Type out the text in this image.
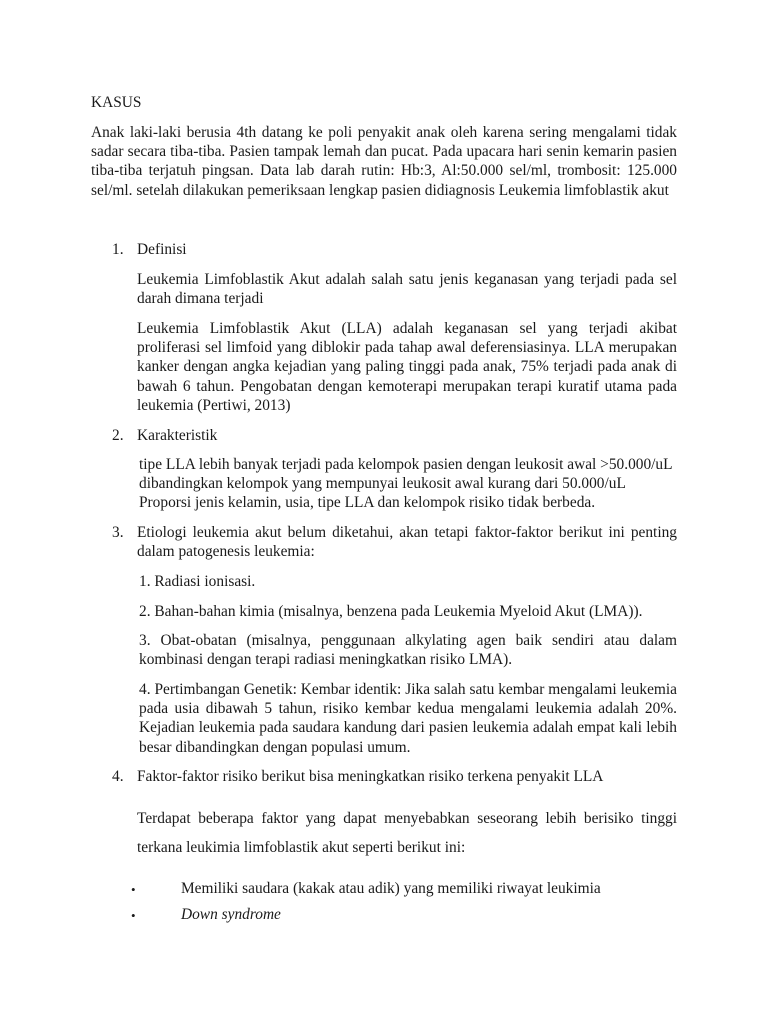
KASUS

Anak laki-laki berusia 4th datang ke poli penyakit anak oleh karena sering mengalami tidak sadar secara tiba-tiba. Pasien tampak lemah dan pucat. Pada upacara hari senin kemarin pasien tiba-tiba terjatuh pingsan. Data lab darah rutin: Hb:3, Al:50.000 sel/ml, trombosit: 125.000 sel/ml. setelah dilakukan pemeriksaan lengkap pasien didiagnosis Leukemia limfoblastik akut

1. Definisi

Leukemia Limfoblastik Akut adalah salah satu jenis keganasan yang terjadi pada sel darah dimana terjadi

Leukemia Limfoblastik Akut (LLA) adalah keganasan sel yang terjadi akibat proliferasi sel limfoid yang diblokir pada tahap awal deferensiasinya. LLA merupakan kanker dengan angka kejadian yang paling tinggi pada anak, 75% terjadi pada anak di bawah 6 tahun. Pengobatan dengan kemoterapi merupakan terapi kuratif utama pada leukemia (Pertiwi, 2013)

2. Karakteristik

tipe LLA lebih banyak terjadi pada kelompok pasien dengan leukosit awal >50.000/uL dibandingkan kelompok yang mempunyai leukosit awal kurang dari 50.000/uL Proporsi jenis kelamin, usia, tipe LLA dan kelompok risiko tidak berbeda.

3. Etiologi leukemia akut belum diketahui, akan tetapi faktor-faktor berikut ini penting dalam patogenesis leukemia:

1. Radiasi ionisasi.

2. Bahan-bahan kimia (misalnya, benzena pada Leukemia Myeloid Akut (LMA)).

3. Obat-obatan (misalnya, penggunaan alkylating agen baik sendiri atau dalam kombinasi dengan terapi radiasi meningkatkan risiko LMA).

4. Pertimbangan Genetik: Kembar identik: Jika salah satu kembar mengalami leukemia pada usia dibawah 5 tahun, risiko kembar kedua mengalami leukemia adalah 20%. Kejadian leukemia pada saudara kandung dari pasien leukemia adalah empat kali lebih besar dibandingkan dengan populasi umum.

4. Faktor-faktor risiko berikut bisa meningkatkan risiko terkena penyakit LLA

Terdapat beberapa faktor yang dapat menyebabkan seseorang lebih berisiko tinggi terkana leukimia limfoblastik akut seperti berikut ini:

•	Memiliki saudara (kakak atau adik) yang memiliki riwayat leukimia

•	Down syndrome
